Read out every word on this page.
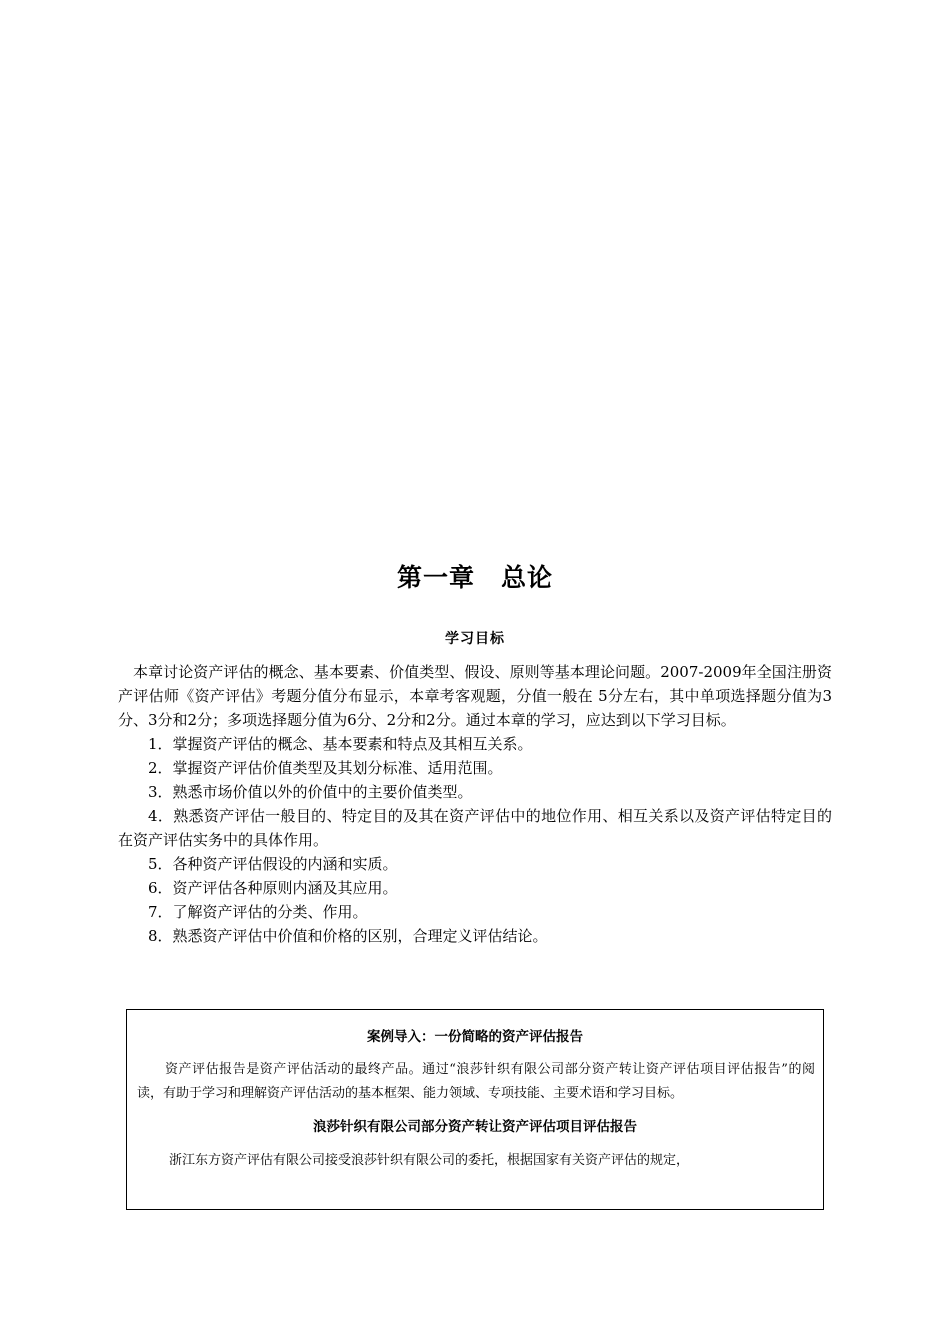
第一章　总论
学习目标

本章讨论资产评估的概念、基本要素、价值类型、假设、原则等基本理论问题。2007-2009年全国注册资产评估师《资产评估》考题分值分布显示，本章考客观题，分值一般在 5分左右，其中单项选择题分值为3分、3分和2分；多项选择题分值为6分、2分和2分。通过本章的学习，应达到以下学习目标。

1．掌握资产评估的概念、基本要素和特点及其相互关系。

2．掌握资产评估价值类型及其划分标准、适用范围。

3．熟悉市场价值以外的价值中的主要价值类型。

4．熟悉资产评估一般目的、特定目的及其在资产评估中的地位作用、相互关系以及资产评估特定目的在资产评估实务中的具体作用。

5．各种资产评估假设的内涵和实质。

6．资产评估各种原则内涵及其应用。

7．了解资产评估的分类、作用。

8．熟悉资产评估中价值和价格的区别，合理定义评估结论。

案例导入：一份简略的资产评估报告

资产评估报告是资产评估活动的最终产品。通过“浪莎针织有限公司部分资产转让资产评估项目评估报告”的阅读，有助于学习和理解资产评估活动的基本框架、能力领域、专项技能、主要术语和学习目标。

浪莎针织有限公司部分资产转让资产评估项目评估报告

浙江东方资产评估有限公司接受浪莎针织有限公司的委托，根据国家有关资产评估的规定，
